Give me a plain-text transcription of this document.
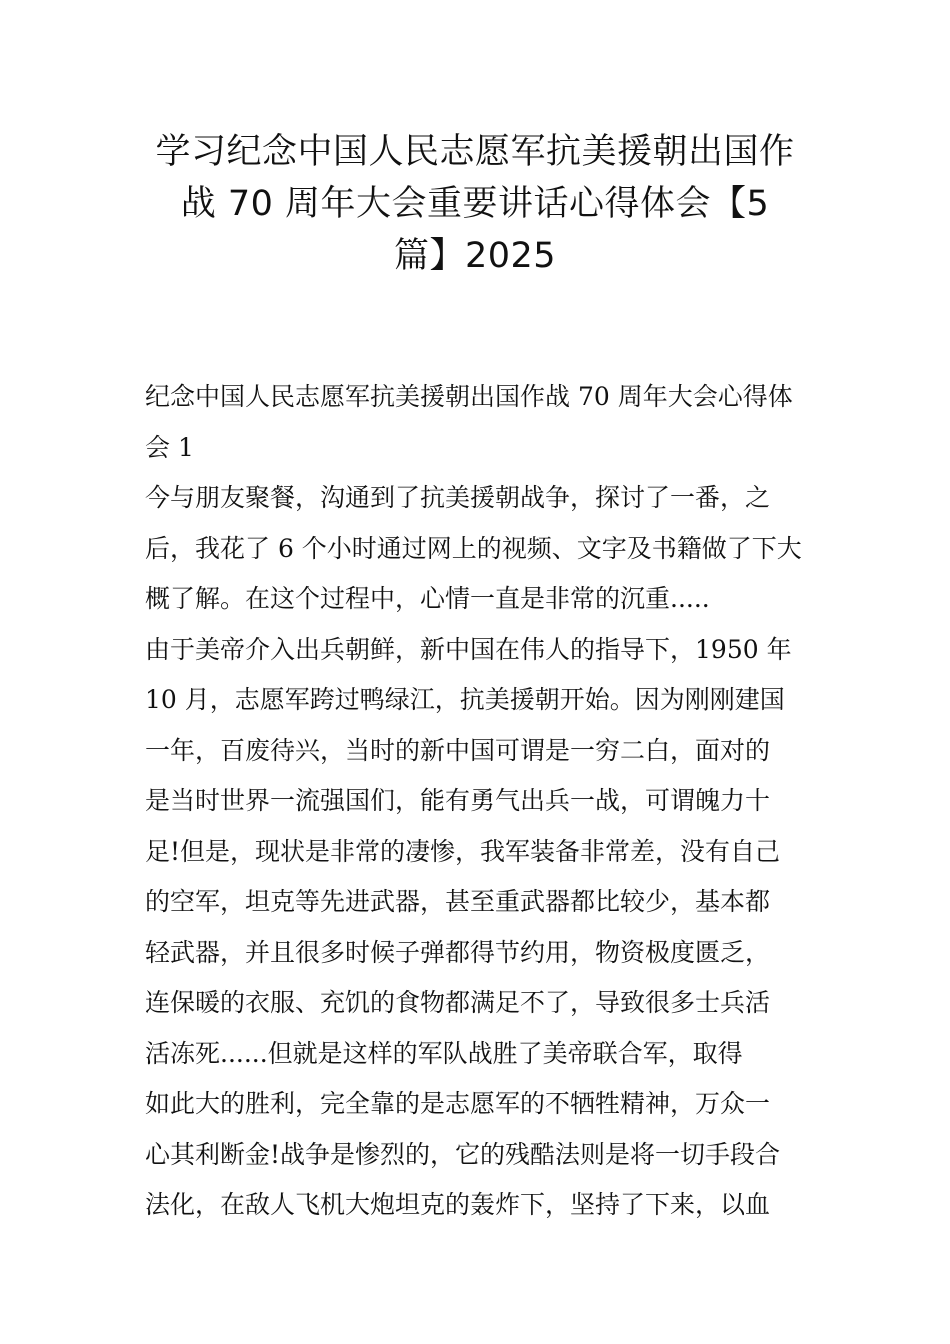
学习纪念中国人民志愿军抗美援朝出国作
战 70 周年大会重要讲话心得体会【5
篇】2025
纪念中国人民志愿军抗美援朝出国作战 70 周年大会心得体
会 1
今与朋友聚餐，沟通到了抗美援朝战争，探讨了一番，之
后，我花了 6 个小时通过网上的视频、文字及书籍做了下大
概了解。在这个过程中，心情一直是非常的沉重.....
由于美帝介入出兵朝鲜，新中国在伟人的指导下，1950 年
10 月，志愿军跨过鸭绿江，抗美援朝开始。因为刚刚建国
一年，百废待兴，当时的新中国可谓是一穷二白，面对的
是当时世界一流强国们，能有勇气出兵一战，可谓魄力十
足!但是，现状是非常的凄惨，我军装备非常差，没有自己
的空军，坦克等先进武器，甚至重武器都比较少，基本都
轻武器，并且很多时候子弹都得节约用，物资极度匮乏，
连保暖的衣服、充饥的食物都满足不了，导致很多士兵活
活冻死......但就是这样的军队战胜了美帝联合军，取得
如此大的胜利，完全靠的是志愿军的不牺牲精神，万众一
心其利断金!战争是惨烈的，它的残酷法则是将一切手段合
法化，在敌人飞机大炮坦克的轰炸下，坚持了下来，以血
